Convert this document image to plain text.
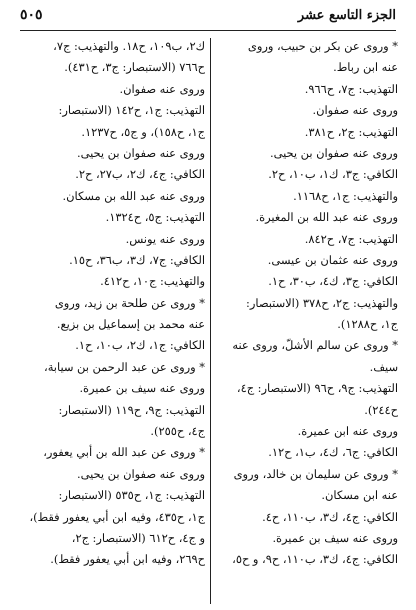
الجزء التاسع عشر
٥٠٥
* وروى عن بكر بن حبيب، وروى
عنه ابن رباط.
التهذيب: ج٧، ح٩٦٦.
وروى عنه صفوان.
التهذيب: ج٢، ح٣٨١.
وروى عنه صفوان بن يحيى.
الكافي: ج٣، ك١، ب١٠، ح٢.
والتهذيب: ج١، ح١١٦٨.
وروى عنه عبد الله بن المغيرة.
التهذيب: ج٧، ح٨٤٢.
وروى عنه عثمان بن عيسى.
الكافي: ج٣، ك٤، ب٣٠، ح١.
والتهذيب: ج٢، ح٣٧٨ (الاستبصار:
ج١، ح١٢٨٨).
* وروى عن سالم الأشلّ، وروى عنه
سيف.
التهذيب: ج٩، ح٩٦ (الاستبصار: ج٤،
ح٢٤٤).
وروى عنه ابن عميرة.
الكافي: ج٦، ك٤، ب١، ح١٢.
* وروى عن سليمان بن خالد، وروى
عنه ابن مسكان.
الكافي: ج٤، ك٣، ب١١٠، ح٤.
وروى عنه سيف بن عميرة.
الكافي: ج٤، ك٣، ب١١٠، ح٩، و ح٥،
ك٢، ب١٠٩، ح١٨. والتهذيب: ج٧،
ح٧٦٦ (الاستبصار: ج٣، ح٤٣١).
وروى عنه صفوان.
التهذيب: ج١، ح١٤٢ (الاستبصار:
ج١، ح١٥٨)، و ج٥، ح١٢٣٧.
وروى عنه صفوان بن يحيى.
الكافي: ج٤، ك٢، ب٢٧، ح٢.
وروى عنه عبد الله بن مسكان.
التهذيب: ج٥، ح١٣٢٤.
وروى عنه يونس.
الكافي: ج٧، ك٣، ب٣٦، ح١٥.
والتهذيب: ج١٠، ح٤١٢.
* وروى عن طلحة بن زيد، وروى
عنه محمد بن إسماعيل بن بزيع.
الكافي: ج١، ك٢، ب١٠، ح١.
* وروى عن عبد الرحمن بن سيابة،
وروى عنه سيف بن عميرة.
التهذيب: ج٩، ح١١٩ (الاستبصار:
ج٤، ح٢٥٥).
* وروى عن عبد الله بن أبي يعفور،
وروى عنه صفوان بن يحيى.
التهذيب: ج١، ح٥٣٥ (الاستبصار:
ج١، ح٤٣٥، وفيه ابن أبي يعفور فقط)،
و ج٤، ح٦١٢ (الاستبصار: ج٢،
ح٢٦٩، وفيه ابن أبي يعفور فقط).
